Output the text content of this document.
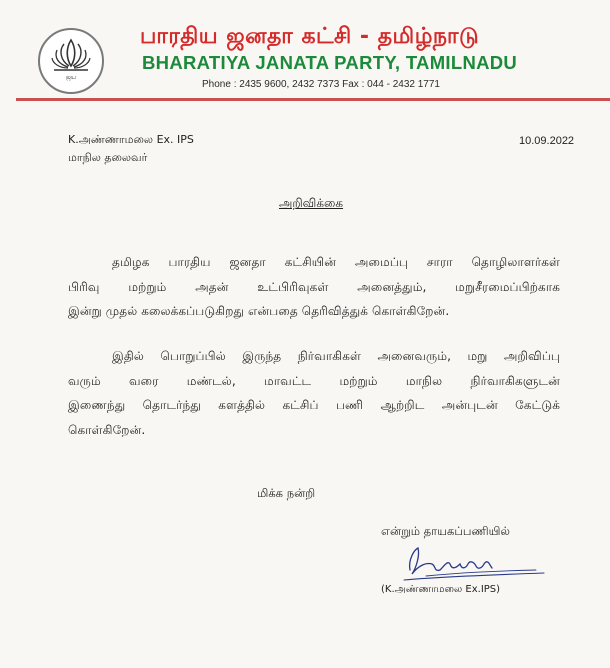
ஜய
பாரதிய ஜனதா கட்சி - தமிழ்நாடு
BHARATIYA JANATA PARTY, TAMILNADU
Phone : 2435 9600, 2432 7373 Fax : 044 - 2432 1771
K.அண்ணாமலை Ex. IPS
மாநில தலைவர்
10.09.2022
அறிவிக்கை
தமிழக பாரதிய ஜனதா கட்சியின் அமைப்பு சாரா தொழிலாளர்கள்
பிரிவு மற்றும் அதன் உட்பிரிவுகள் அனைத்தும், மறுசீரமைப்பிற்காக
இன்று முதல் கலைக்கப்படுகிறது என்பதை தெரிவித்துக் கொள்கிறேன்.
இதில் பொறுப்பில் இருந்த நிர்வாகிகள் அனைவரும், மறு அறிவிப்பு
வரும் வரை மண்டல், மாவட்ட மற்றும் மாநில நிர்வாகிகளுடன்
இணைந்து தொடர்ந்து களத்தில் கட்சிப் பணி ஆற்றிட அன்புடன் கேட்டுக்
கொள்கிறேன்.
மிக்க நன்றி
என்றும் தாயகப்பணியில்
(K.அண்ணாமலை Ex.IPS)
